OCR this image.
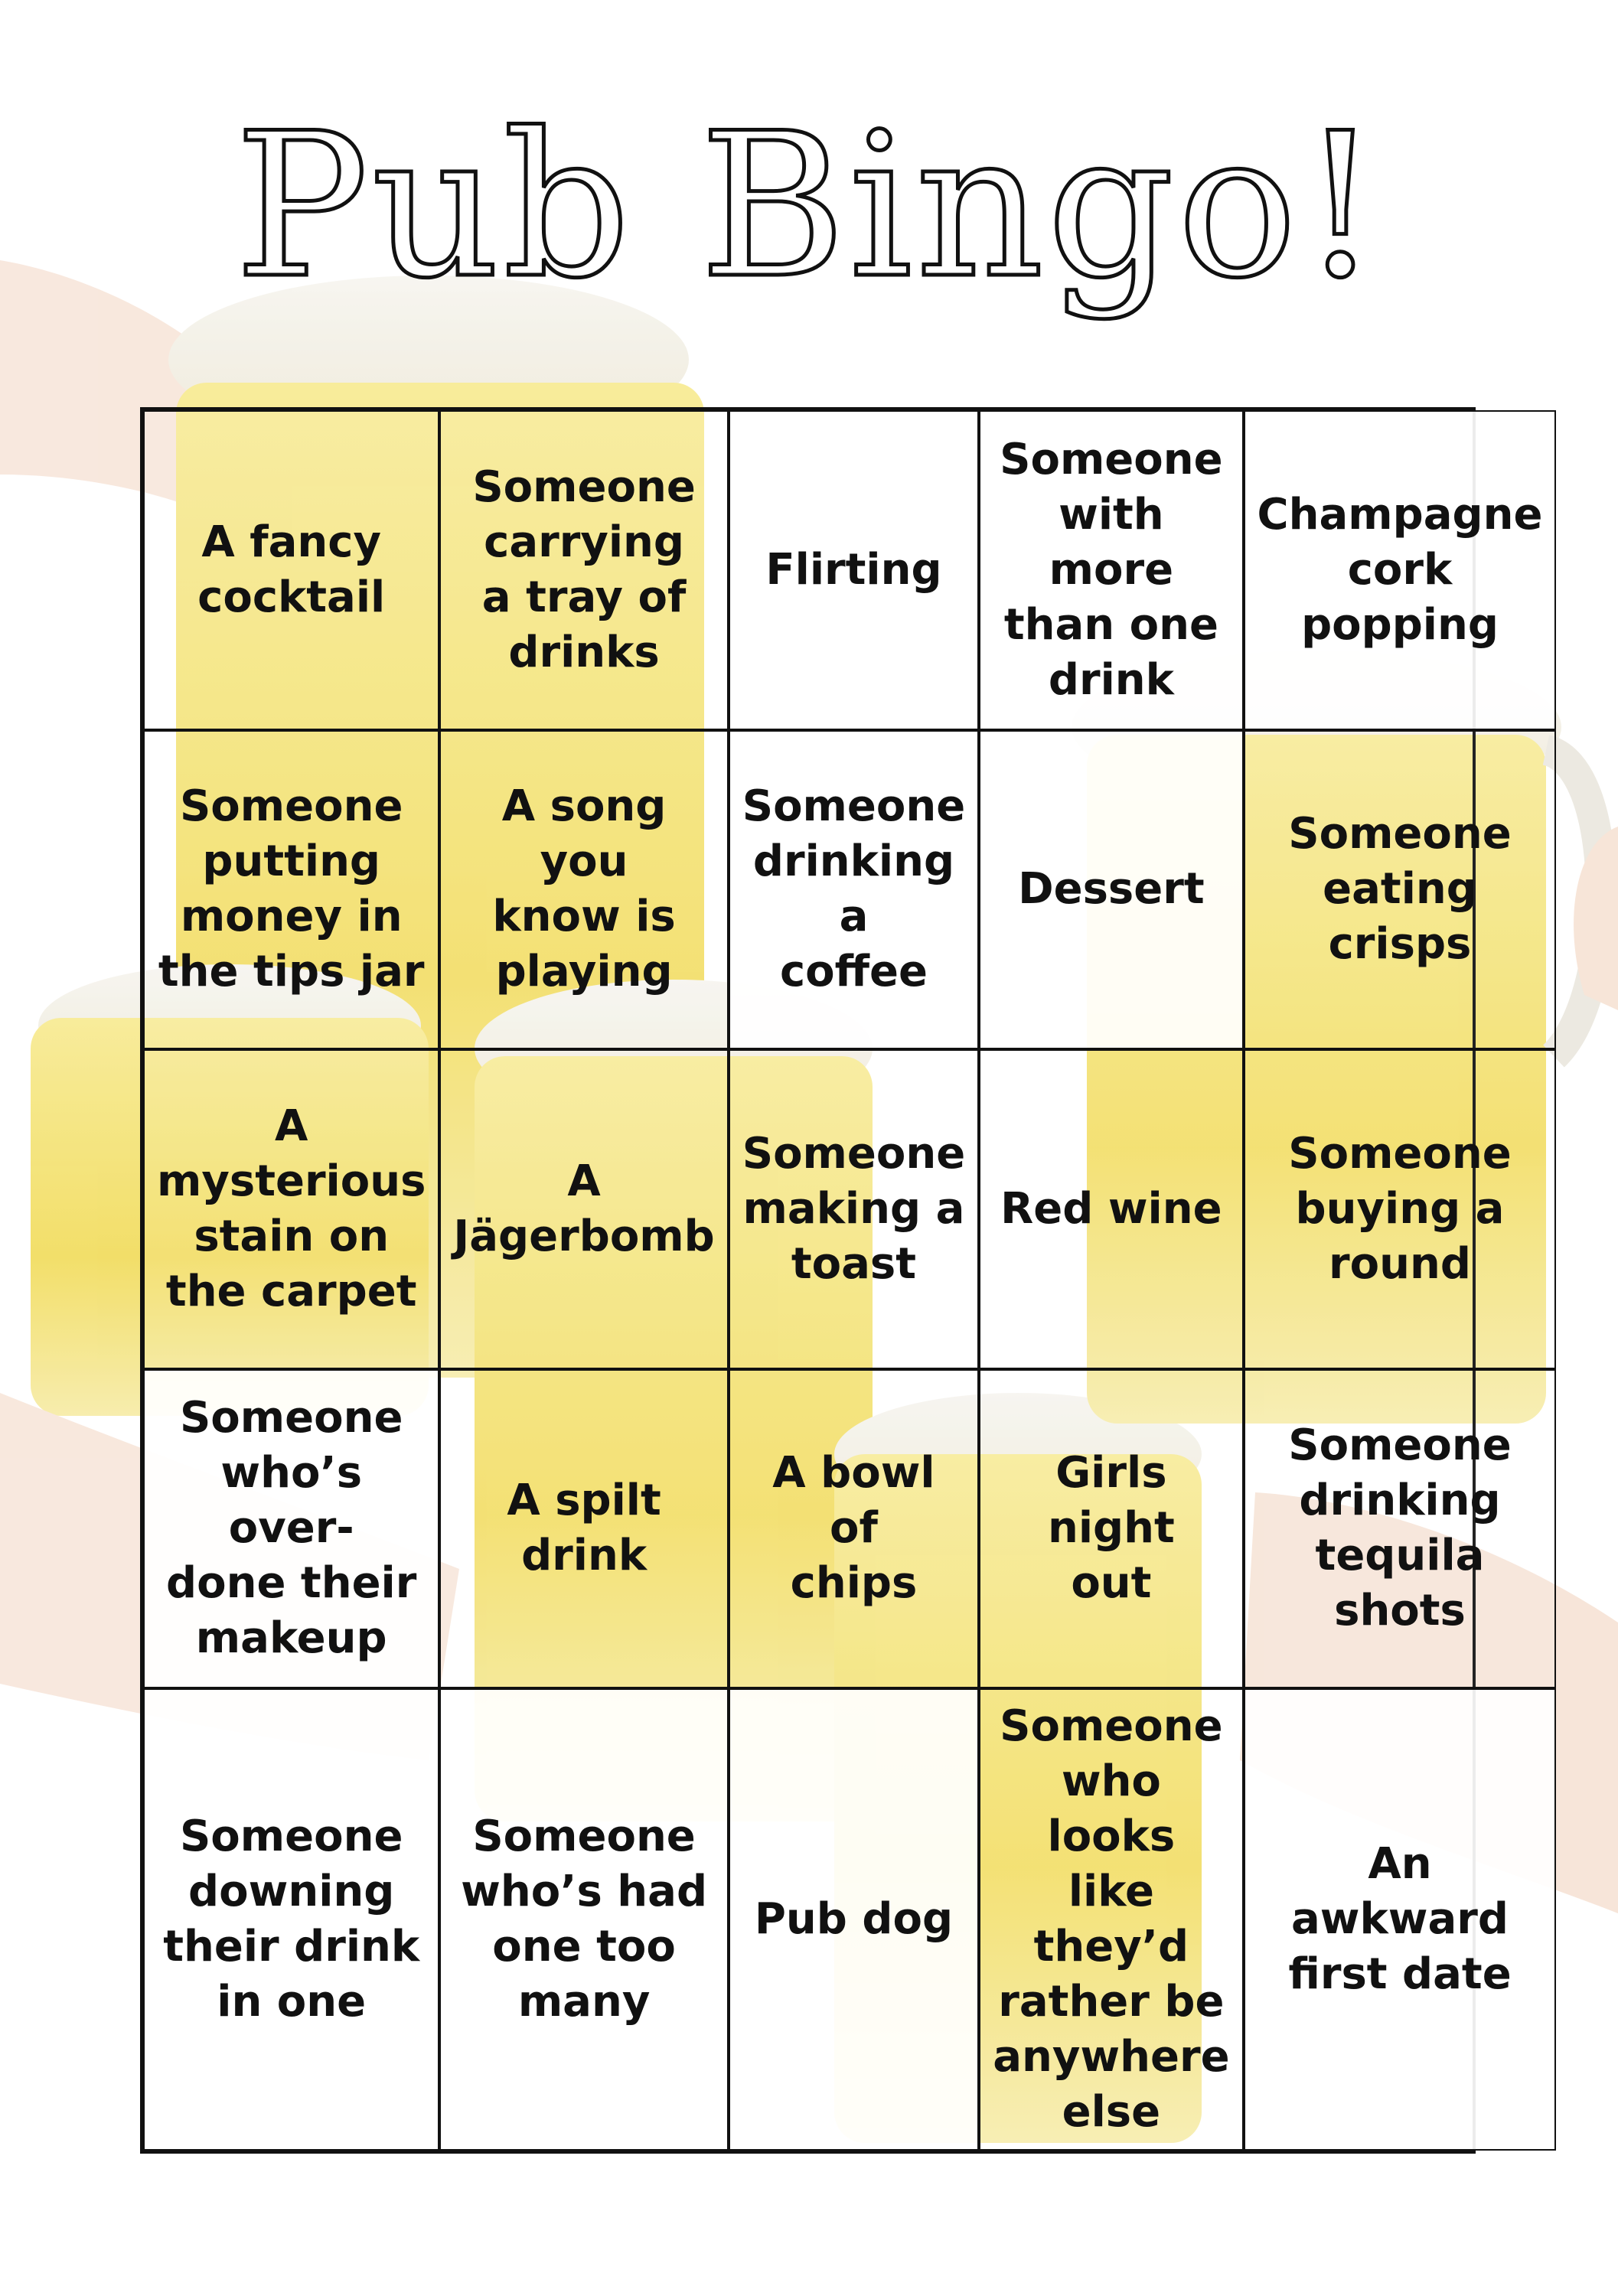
Pub Bingo!
A fancy
cocktail
Someone
carrying
a tray of
drinks
Flirting
Someone
with more
than one
drink
Champagne
cork
popping
Someone
putting
money in
the tips jar
A song you
know is
playing
Someone
drinking a
coffee
Dessert
Someone
eating
crisps
A
mysterious
stain on
the carpet
A
Jägerbomb
Someone
making a
toast
Red wine
Someone
buying a
round
Someone
who’s over-
done their
makeup
A spilt
drink
A bowl of
chips
Girls night
out
Someone
drinking
tequila
shots
Someone
downing
their drink
in one
Someone
who’s had
one too
many
Pub dog
Someone
who looks
like they’d
rather be
anywhere
else
An
awkward
first date
